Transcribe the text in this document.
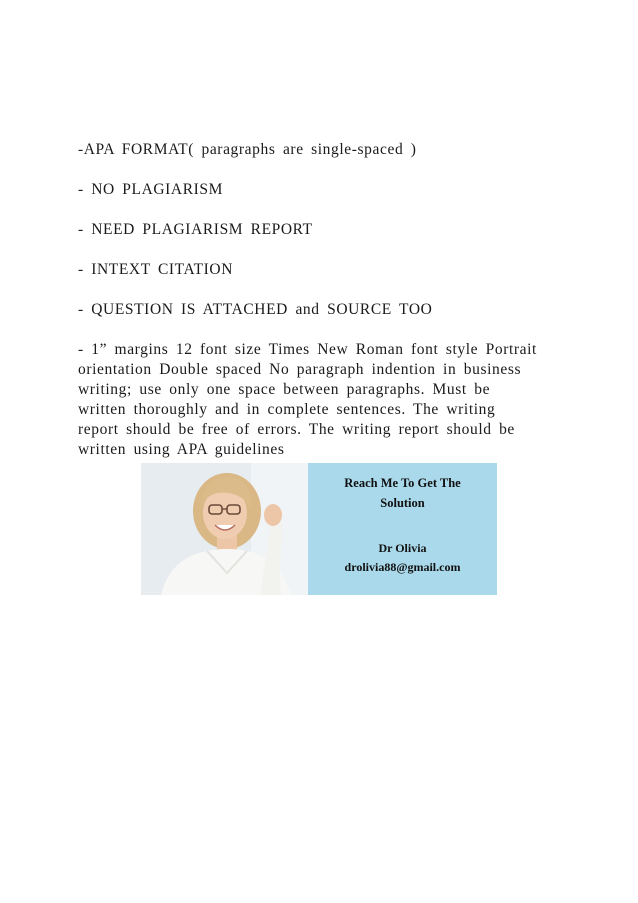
-APA FORMAT( paragraphs are single-spaced )
- NO PLAGIARISM
- NEED PLAGIARISM REPORT
- INTEXT CITATION
- QUESTION IS ATTACHED and SOURCE TOO
- 1” margins 12 font size Times New Roman font style Portrait
orientation Double spaced No paragraph indention in business
writing; use only one space between paragraphs. Must be
written thoroughly and in complete sentences. The writing
report should be free of errors. The writing report should be
written using APA guidelines
Reach Me To Get The
Solution
Dr Olivia
drolivia88@gmail.com
